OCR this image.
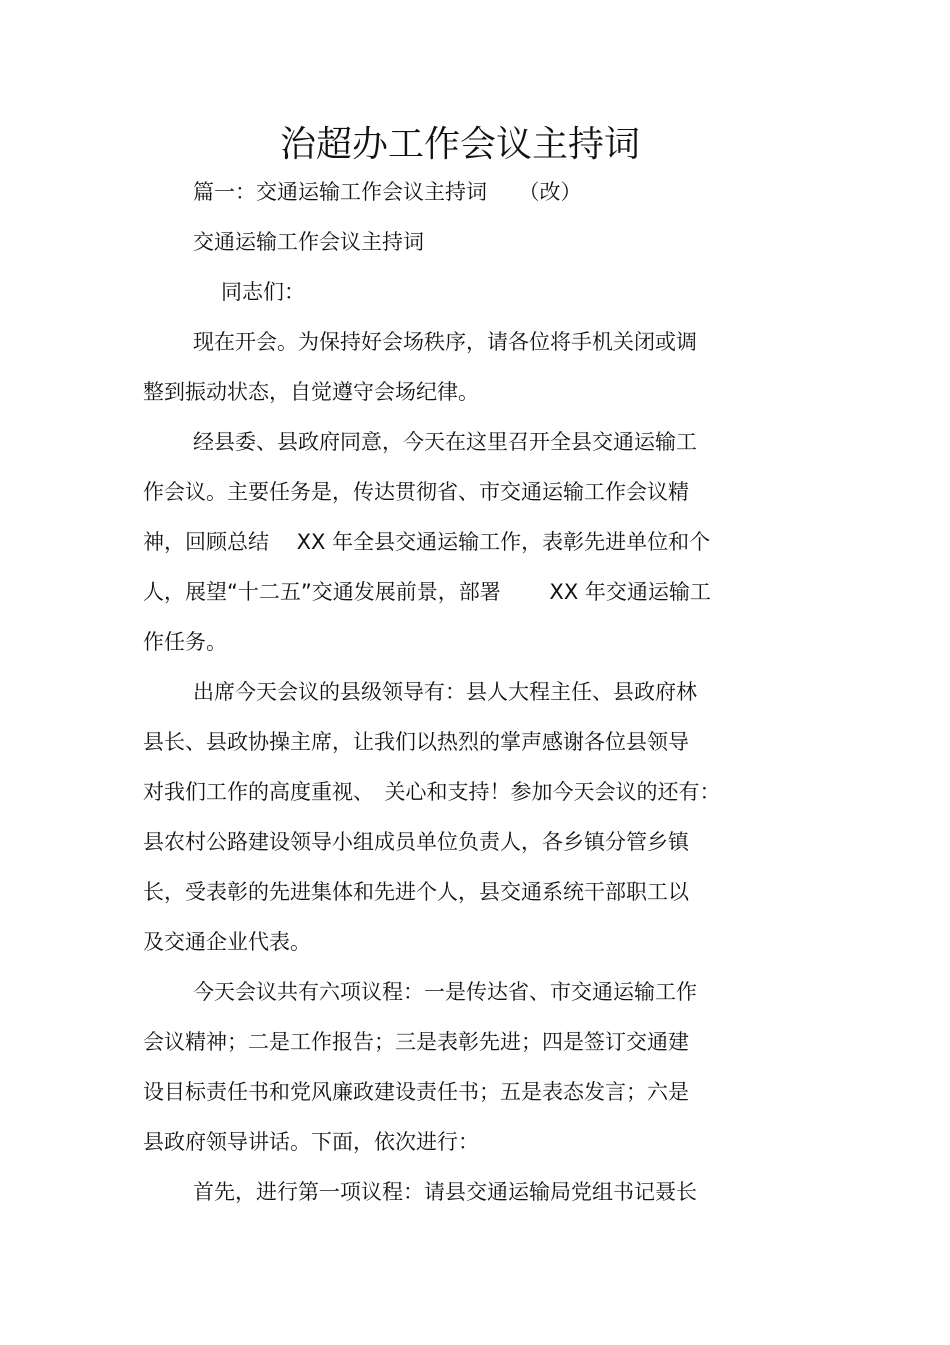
治超办工作会议主持词

篇一：交通运输工作会议主持词　　（改）

交通运输工作会议主持词

同志们：

现在开会。为保持好会场秩序，请各位将手机关闭或调

整到振动状态，自觉遵守会场纪律。

经县委、县政府同意，今天在这里召开全县交通运输工

作会议。主要任务是，传达贯彻省、市交通运输工作会议精

神，回顾总结　 XX 年全县交通运输工作，表彰先进单位和个

人，展望“十二五”交通发展前景，部署　　 XX 年交通运输工

作任务。

出席今天会议的县级领导有：县人大程主任、县政府林

县长、县政协操主席，让我们以热烈的掌声感谢各位县领导

对我们工作的高度重视、　关心和支持！参加今天会议的还有：

县农村公路建设领导小组成员单位负责人，各乡镇分管乡镇

长，受表彰的先进集体和先进个人，县交通系统干部职工以

及交通企业代表。

今天会议共有六项议程：一是传达省、市交通运输工作

会议精神；二是工作报告；三是表彰先进；四是签订交通建

设目标责任书和党风廉政建设责任书；五是表态发言；六是

县政府领导讲话。下面，依次进行：

首先，进行第一项议程：请县交通运输局党组书记聂长
